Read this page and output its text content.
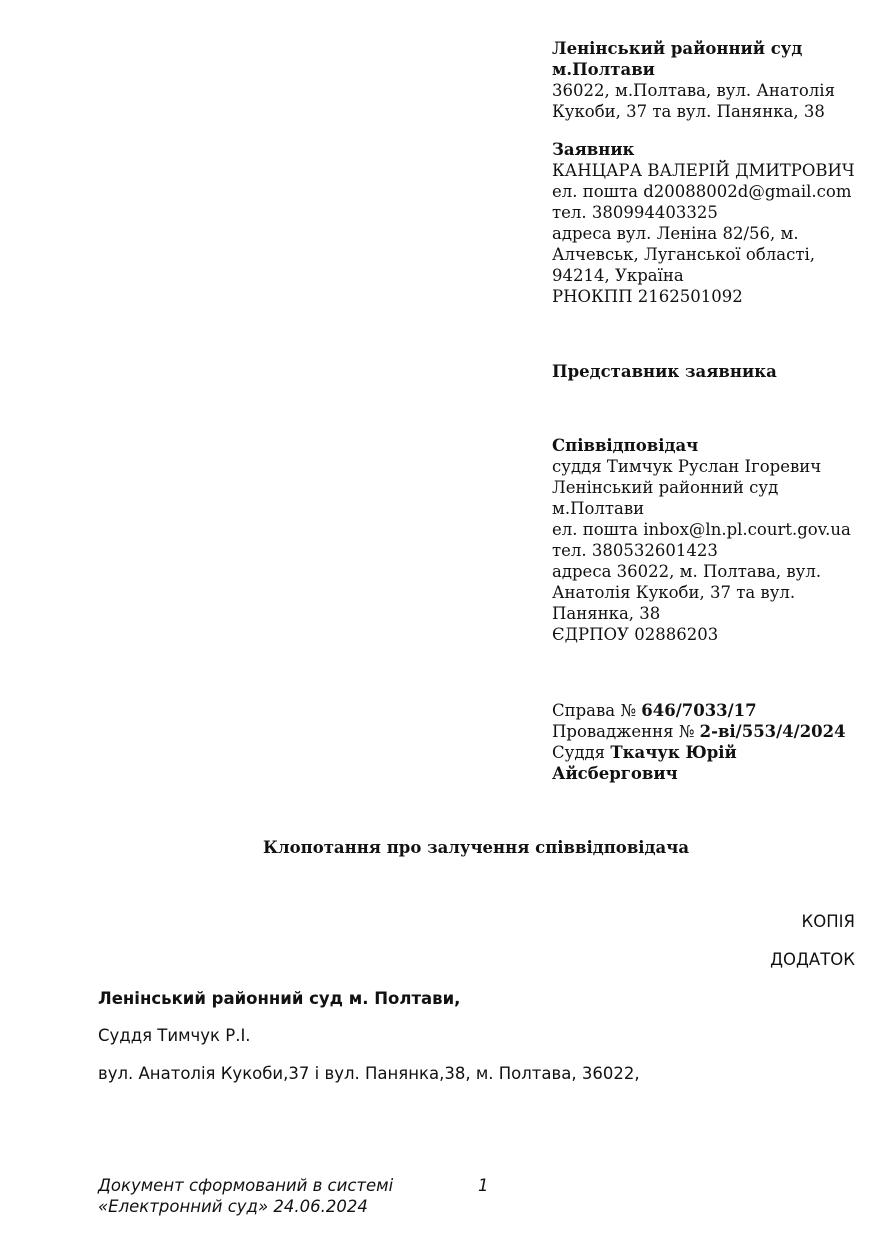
Ленінський районний суд
м.Полтави
36022, м.Полтава, вул. Анатолія
Кукоби, 37 та вул. Панянка, 38
Заявник
КАНЦАРА ВАЛЕРІЙ ДМИТРОВИЧ
ел. пошта d20088002d@gmail.com
тел. 380994403325
адреса вул. Леніна 82/56, м.
Алчевськ, Луганської області,
94214, Україна
РНОКПП 2162501092
Представник заявника
Співвідповідач
суддя Тимчук Руслан Ігоревич
Ленінський районний суд
м.Полтави
ел. пошта inbox@ln.pl.court.gov.ua
тел. 380532601423
адреса 36022, м. Полтава, вул.
Анатолія Кукоби, 37 та вул.
Панянка, 38
ЄДРПОУ 02886203
Справа № 646/7033/17
Провадження № 2-ві/553/4/2024
Суддя Ткачук Юрій
Айсбергович
Клопотання про залучення співвідповідача
КОПІЯ
ДОДАТОК
Ленінський районний суд м. Полтави,
Суддя Тимчук Р.І.
вул. Анатолія Кукоби,37 і вул. Панянка,38, м. Полтава, 36022,
Документ сформований в системі
«Електронний суд» 24.06.2024
1
